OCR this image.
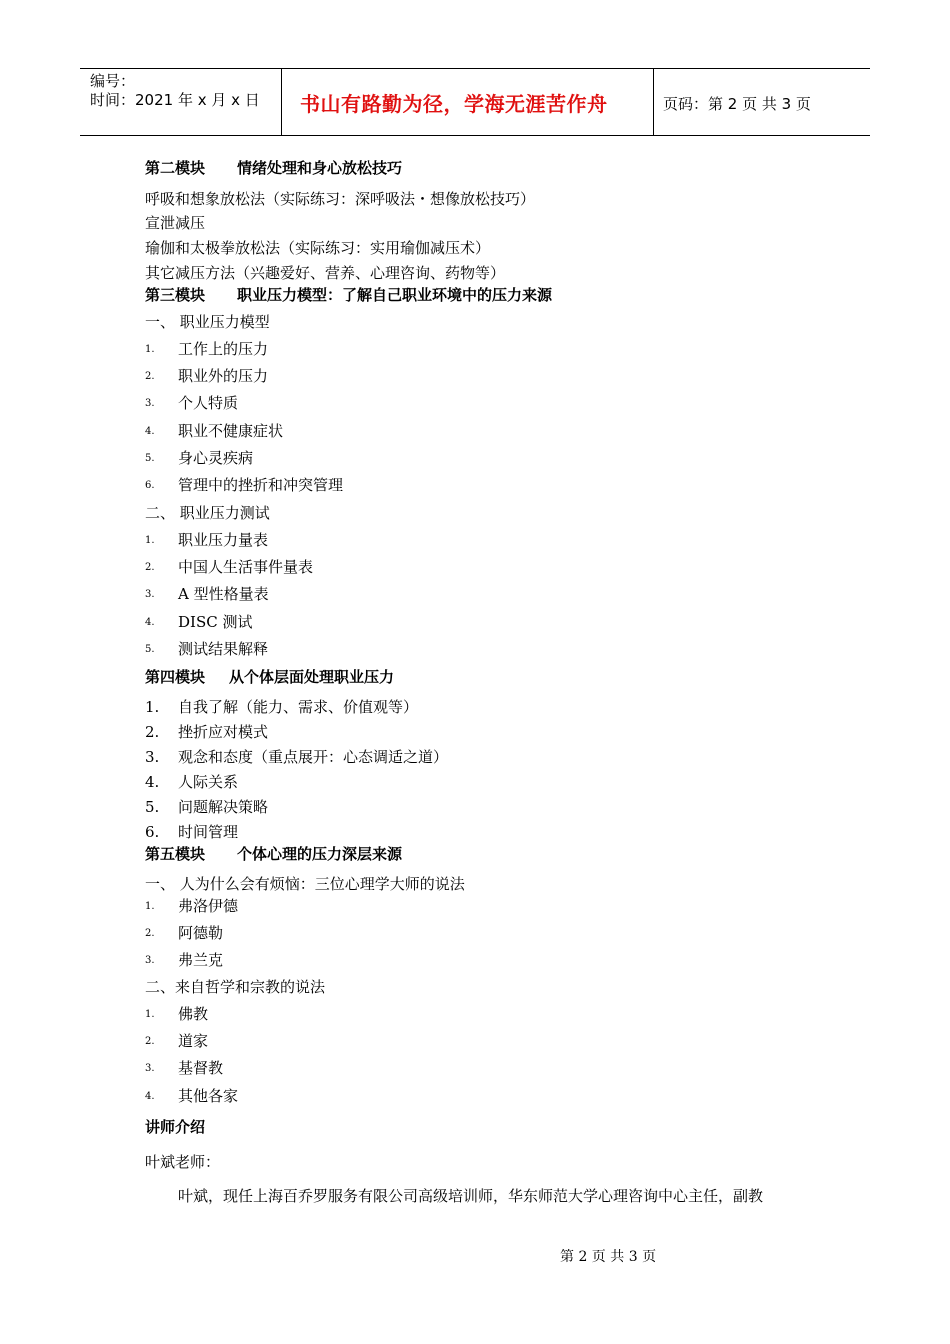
编号：
时间：2021 年 x 月 x 日 书山有路勤为径，学海无涯苦作舟	页码：第 2 页 共 3 页
第二模块 情绪处理和身心放松技巧
呼吸和想象放松法（实际练习：深呼吸法・想像放松技巧）
宣泄减压
瑜伽和太极拳放松法（实际练习：实用瑜伽减压术）
其它减压方法（兴趣爱好、营养、心理咨询、药物等）
第三模块 职业压力模型：了解自己职业环境中的压力来源
一、 职业压力模型
1. 工作上的压力
2. 职业外的压力
3. 个人特质
4. 职业不健康症状
5. 身心灵疾病
6. 管理中的挫折和冲突管理
二、 职业压力测试
1. 职业压力量表
2. 中国人生活事件量表
3. A 型性格量表
4. DISC 测试
5. 测试结果解释
第四模块 从个体层面处理职业压力
1. 自我了解（能力、需求、价值观等）
2. 挫折应对模式
3. 观念和态度（重点展开：心态调适之道）
4. 人际关系
5. 问题解决策略
6. 时间管理
第五模块 个体心理的压力深层来源
一、 人为什么会有烦恼：三位心理学大师的说法
1. 弗洛伊德
2. 阿德勒
3. 弗兰克
二、来自哲学和宗教的说法
1. 佛教
2. 道家
3. 基督教
4. 其他各家
讲师介绍
叶斌老师：
叶斌，现任上海百乔罗服务有限公司高级培训师，华东师范大学心理咨询中心主任，副教
第 2 页 共 3 页
